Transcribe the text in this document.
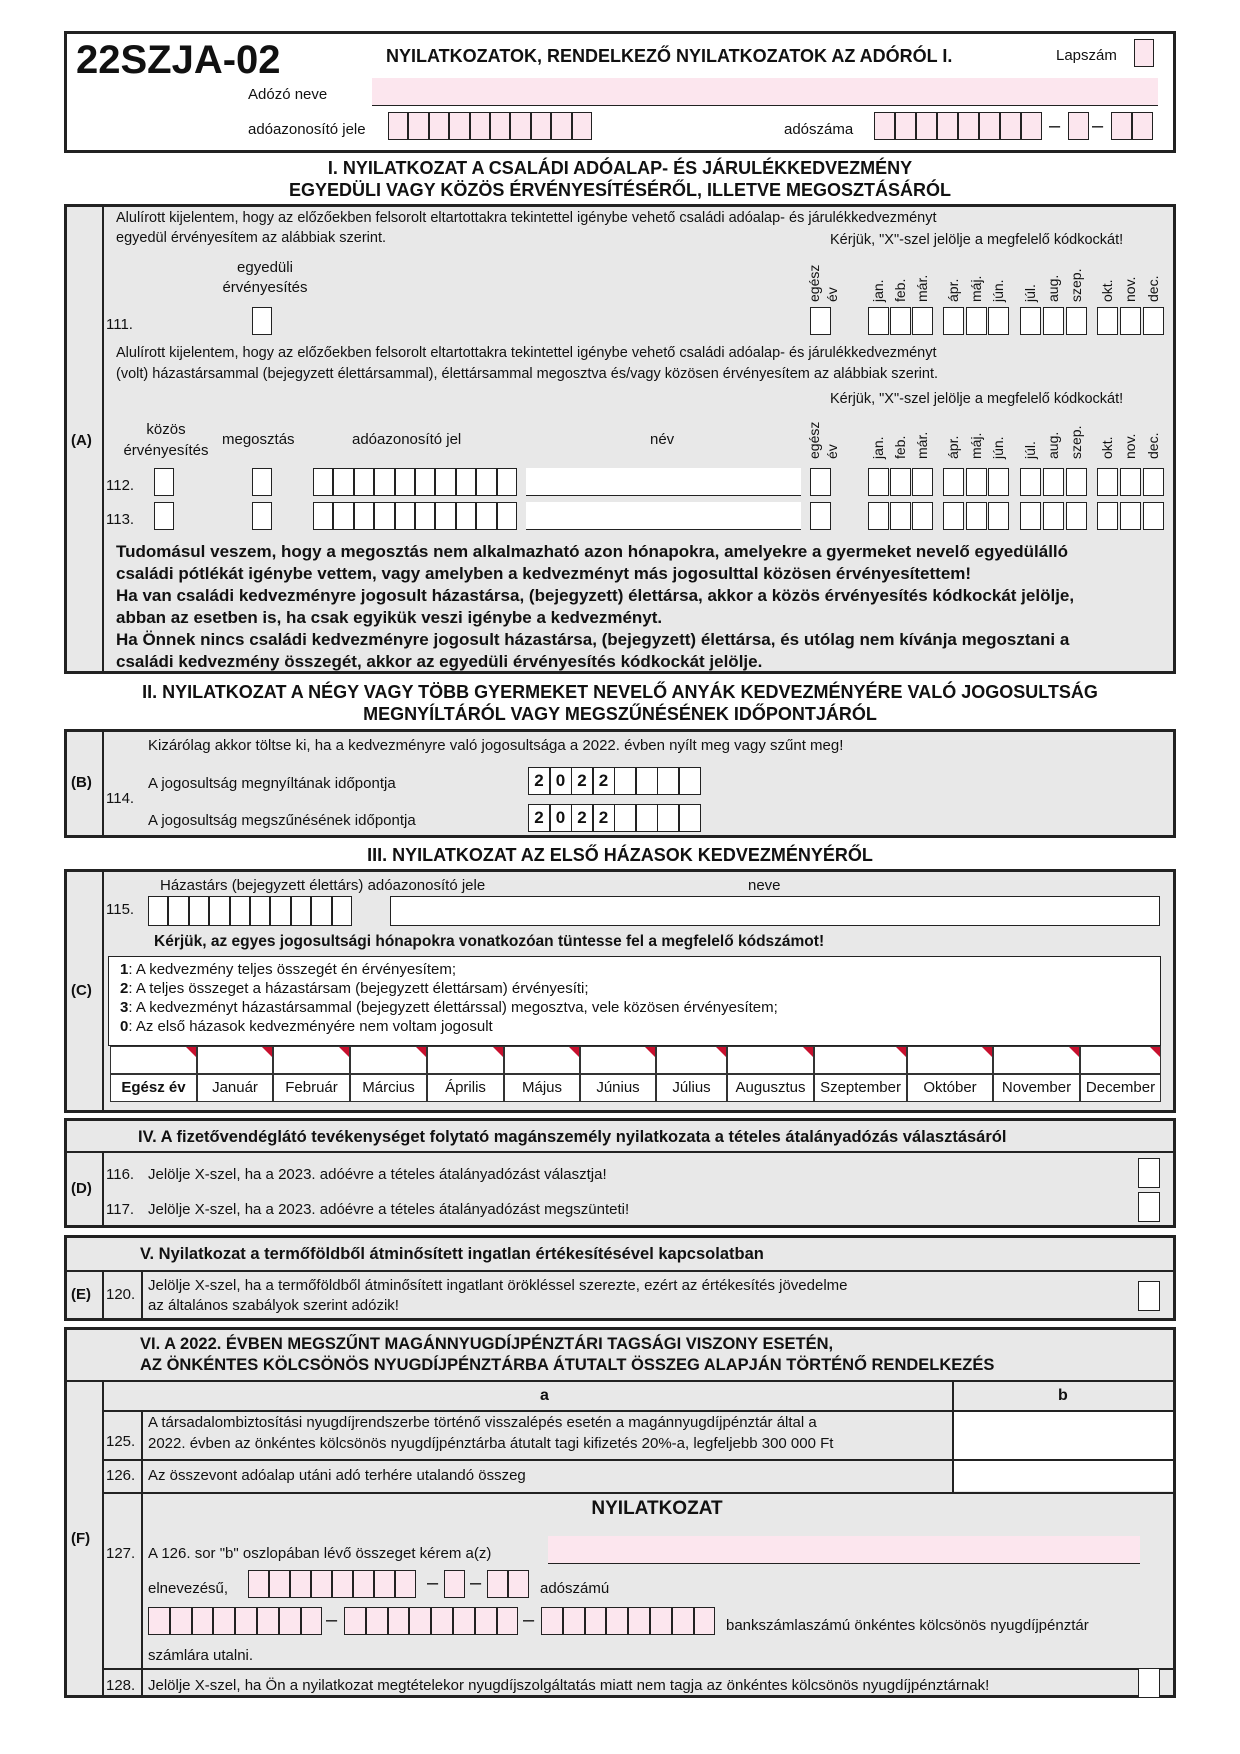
22SZJA-02	NYILATKOZATOK, RENDELKEZŐ NYILATKOZATOK AZ ADÓRÓL I.	Lapszám
Adózó neve
adóazonosító jele	adószáma	– –
I. NYILATKOZAT A CSALÁDI ADÓALAP- ÉS JÁRULÉKKEDVEZMÉNY
EGYEDÜLI VAGY KÖZÖS ÉRVÉNYESÍTÉSÉRŐL, ILLETVE MEGOSZTÁSÁRÓL
(A)
Alulírott kijelentem, hogy az előzőekben felsorolt eltartottakra tekintettel igénybe vehető családi adóalap- és járulékkedvezményt
egyedül érvényesítem az alábbiak szerint.	Kérjük, "X"-szel jelölje a megfelelő kódkockát!
egyedüli
érvényesítés
111.
egész év jan. feb. már. ápr. máj. jún. júl. aug. szep. okt. nov. dec.
Alulírott kijelentem, hogy az előzőekben felsorolt eltartottakra tekintettel igénybe vehető családi adóalap- és járulékkedvezményt
(volt) házastársammal (bejegyzett élettársammal), élettársammal megosztva és/vagy közösen érvényesítem az alábbiak szerint.
Kérjük, "X"-szel jelölje a megfelelő kódkockát!
közös
érvényesítés
megosztás	adóazonosító jel	név	egész év jan. feb. már. ápr. máj. jún. júl. aug. szep. okt. nov. dec.
112.
113.
Tudomásul veszem, hogy a megosztás nem alkalmazható azon hónapokra, amelyekre a gyermeket nevelő egyedülálló
családi pótlékát igénybe vettem, vagy amelyben a kedvezményt más jogosulttal közösen érvényesítettem!
Ha van családi kedvezményre jogosult házastársa, (bejegyzett) élettársa, akkor a közös érvényesítés kódkockát jelölje,
abban az esetben is, ha csak egyikük veszi igénybe a kedvezményt.
Ha Önnek nincs családi kedvezményre jogosult házastársa, (bejegyzett) élettársa, és utólag nem kívánja megosztani a
családi kedvezmény összegét, akkor az egyedüli érvényesítés kódkockát jelölje.
II. NYILATKOZAT A NÉGY VAGY TÖBB GYERMEKET NEVELŐ ANYÁK KEDVEZMÉNYÉRE VALÓ JOGOSULTSÁG
MEGNYÍLTÁRÓL VAGY MEGSZŰNÉSÉNEK IDŐPONTJÁRÓL
(B)
Kizárólag akkor töltse ki, ha a kedvezményre való jogosultsága a 2022. évben nyílt meg vagy szűnt meg!
114.
A jogosultság megnyíltának időpontja
A jogosultság megszűnésének időpontja
2 0 2 2
2 0 2 2
III. NYILATKOZAT AZ ELSŐ HÁZASOK KEDVEZMÉNYÉRŐL
(C)
Házastárs (bejegyzett élettárs) adóazonosító jele	neve
115.
Kérjük, az egyes jogosultsági hónapokra vonatkozóan tüntesse fel a megfelelő kódszámot!
1: A kedvezmény teljes összegét én érvényesítem;
2: A teljes összeget a házastársam (bejegyzett élettársam) érvényesíti;
3: A kedvezményt házastársammal (bejegyzett élettárssal) megosztva, vele közösen érvényesítem;
0: Az első házasok kedvezményére nem voltam jogosult
Egész év	Január	Február	Március	Április	Május	Június	Július	Augusztus Szeptember	Október	November December
IV. A fizetővendéglátó tevékenységet folytató magánszemély nyilatkozata a tételes átalányadózás választásáról
(D)
116. Jelölje X-szel, ha a 2023. adóévre a tételes átalányadózást választja!
117. Jelölje X-szel, ha a 2023. adóévre a tételes átalányadózást megszünteti!
V. Nyilatkozat a termőföldből átminősített ingatlan értékesítésével kapcsolatban
(E) 120.
Jelölje X-szel, ha a termőföldből átminősített ingatlant örökléssel szerezte, ezért az értékesítés jövedelme
az általános szabályok szerint adózik!
VI. A 2022. ÉVBEN MEGSZŰNT MAGÁNNYUGDÍJPÉNZTÁRI TAGSÁGI VISZONY ESETÉN,
AZ ÖNKÉNTES KÖLCSÖNÖS NYUGDÍJPÉNZTÁRBA ÁTUTALT ÖSSZEG ALAPJÁN TÖRTÉNŐ RENDELKEZÉS
(F)
a	b
125.
A társadalombiztosítási nyugdíjrendszerbe történő visszalépés esetén a magánnyugdíjpénztár által a
2022. évben az önkéntes kölcsönös nyugdíjpénztárba átutalt tagi kifizetés 20%-a, legfeljebb 300 000 Ft
126. Az összevont adóalap utáni adó terhére utalandó összeg
NYILATKOZAT
127. A 126. sor "b" oszlopában lévő összeget kérem a(z)
elnevezésű,	– –	adószámú
–	–	bankszámlaszámú önkéntes kölcsönös nyugdíjpénztár
számlára utalni.
128. Jelölje X-szel, ha Ön a nyilatkozat megtételekor nyugdíjszolgáltatás miatt nem tagja az önkéntes kölcsönös nyugdíjpénztárnak!
